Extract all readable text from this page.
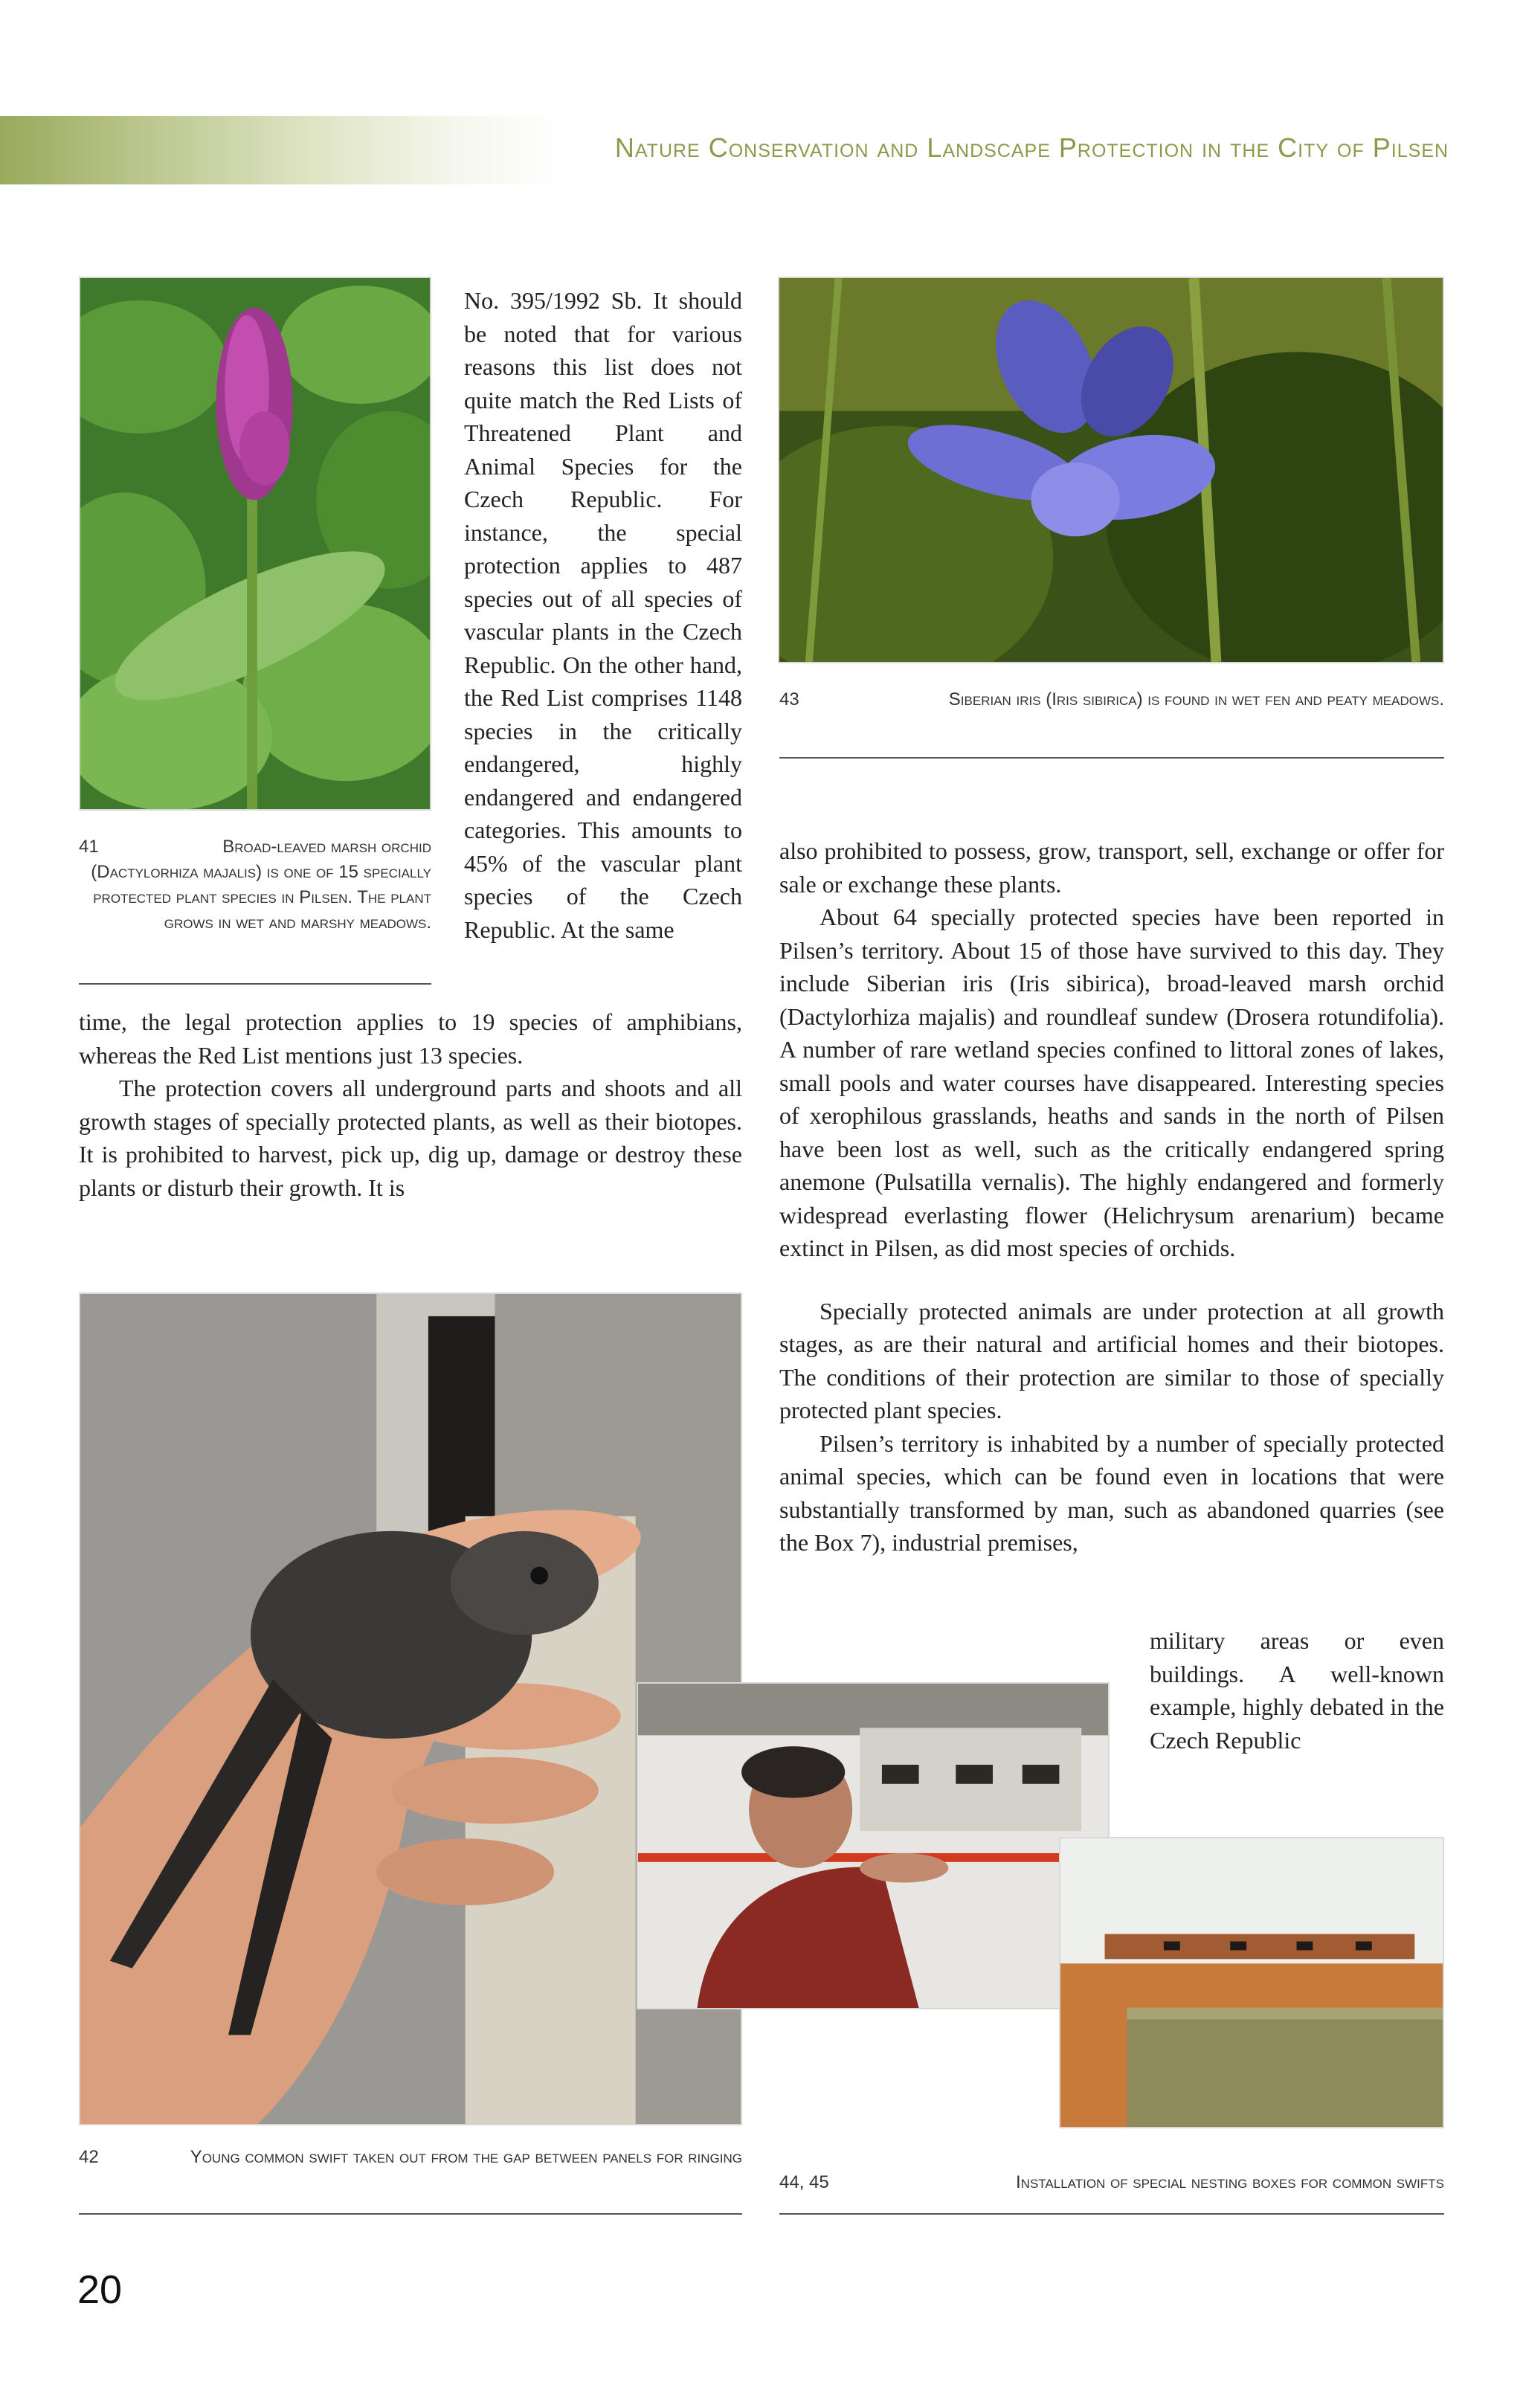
Nature Conservation and Landscape Protection in the City of Pilsen
41	Broad-leaved marsh orchid (Dactylorhiza majalis) is one of 15 specially protected plant species in Pilsen. The plant grows in wet and marshy meadows.
43	Siberian iris (Iris sibirica) is found in wet fen and peaty meadows.

No. 395/1992 Sb. It should be noted that for various reasons this list does not quite match the Red Lists of Threatened Plant and Animal Species for the Czech Republic. For instance, the special protection applies to 487 species out of all species of vascular plants in the Czech Republic. On the other hand, the Red List comprises 1148 species in the critically endangered, highly endangered and endangered categories. This amounts to 45% of the vascular plant species of the Czech Republic. At the same

time, the legal protection applies to 19 species of amphibians, whereas the Red List mentions just 13 species.

The protection covers all underground parts and shoots and all growth stages of specially protected plants, as well as their biotopes. It is prohibited to harvest, pick up, dig up, damage or destroy these plants or disturb their growth. It is

also prohibited to possess, grow, transport, sell, exchange or offer for sale or exchange these plants.

About 64 specially protected species have been reported in Pilsen’s territory. About 15 of those have survived to this day. They include Siberian iris (Iris sibirica), broad-leaved marsh orchid (Dactylorhiza majalis) and roundleaf sundew (Drosera rotundifolia). A number of rare wetland species confined to littoral zones of lakes, small pools and water courses have disappeared. Interesting species of xerophilous grasslands, heaths and sands in the north of Pilsen have been lost as well, such as the critically endangered spring anemone (Pulsatilla vernalis). The highly endangered and formerly widespread everlasting flower (Helichrysum arenarium) became extinct in Pilsen, as did most species of orchids.

Specially protected animals are under protection at all growth stages, as are their natural and artificial homes and their biotopes. The conditions of their protection are similar to those of specially protected plant species.

Pilsen’s territory is inhabited by a number of specially protected animal species, which can be found even in locations that were substantially transformed by man, such as abandoned quarries (see the Box 7), industrial premises,

military areas or even buildings. A well-known example, highly debated in the Czech Republic

42	Young common swift taken out from the gap between panels for ringing
44, 45	Installation of special nesting boxes for common swifts
20
